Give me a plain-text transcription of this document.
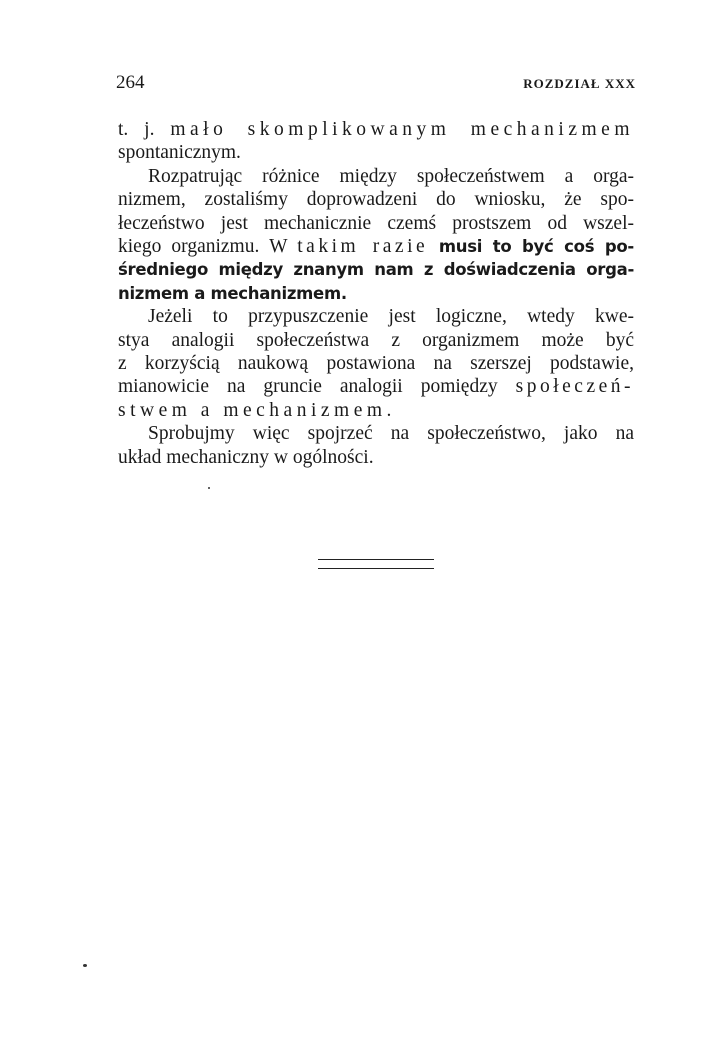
264	ROZDZIAŁ XXX

t. j. mało skomplikowanym mechanizmem
spontanicznym.

Rozpatrując różnice między społeczeństwem a orga-
nizmem, zostaliśmy doprowadzeni do wniosku, że spo-
łeczeństwo jest mechanicznie czemś prostszem od wszel-
kiego organizmu. W takim razie musi to być coś po-
średniego między znanym nam z doświadczenia orga-
nizmem a mechanizmem.

Jeżeli to przypuszczenie jest logiczne, wtedy kwe-
stya analogii społeczeństwa z organizmem może być
z korzyścią naukową postawiona na szerszej podstawie,
mianowicie na gruncie analogii pomiędzy społeczeń-
stwem a mechanizmem.

Sprobujmy więc spojrzeć na społeczeństwo, jako na
układ mechaniczny w ogólności.
